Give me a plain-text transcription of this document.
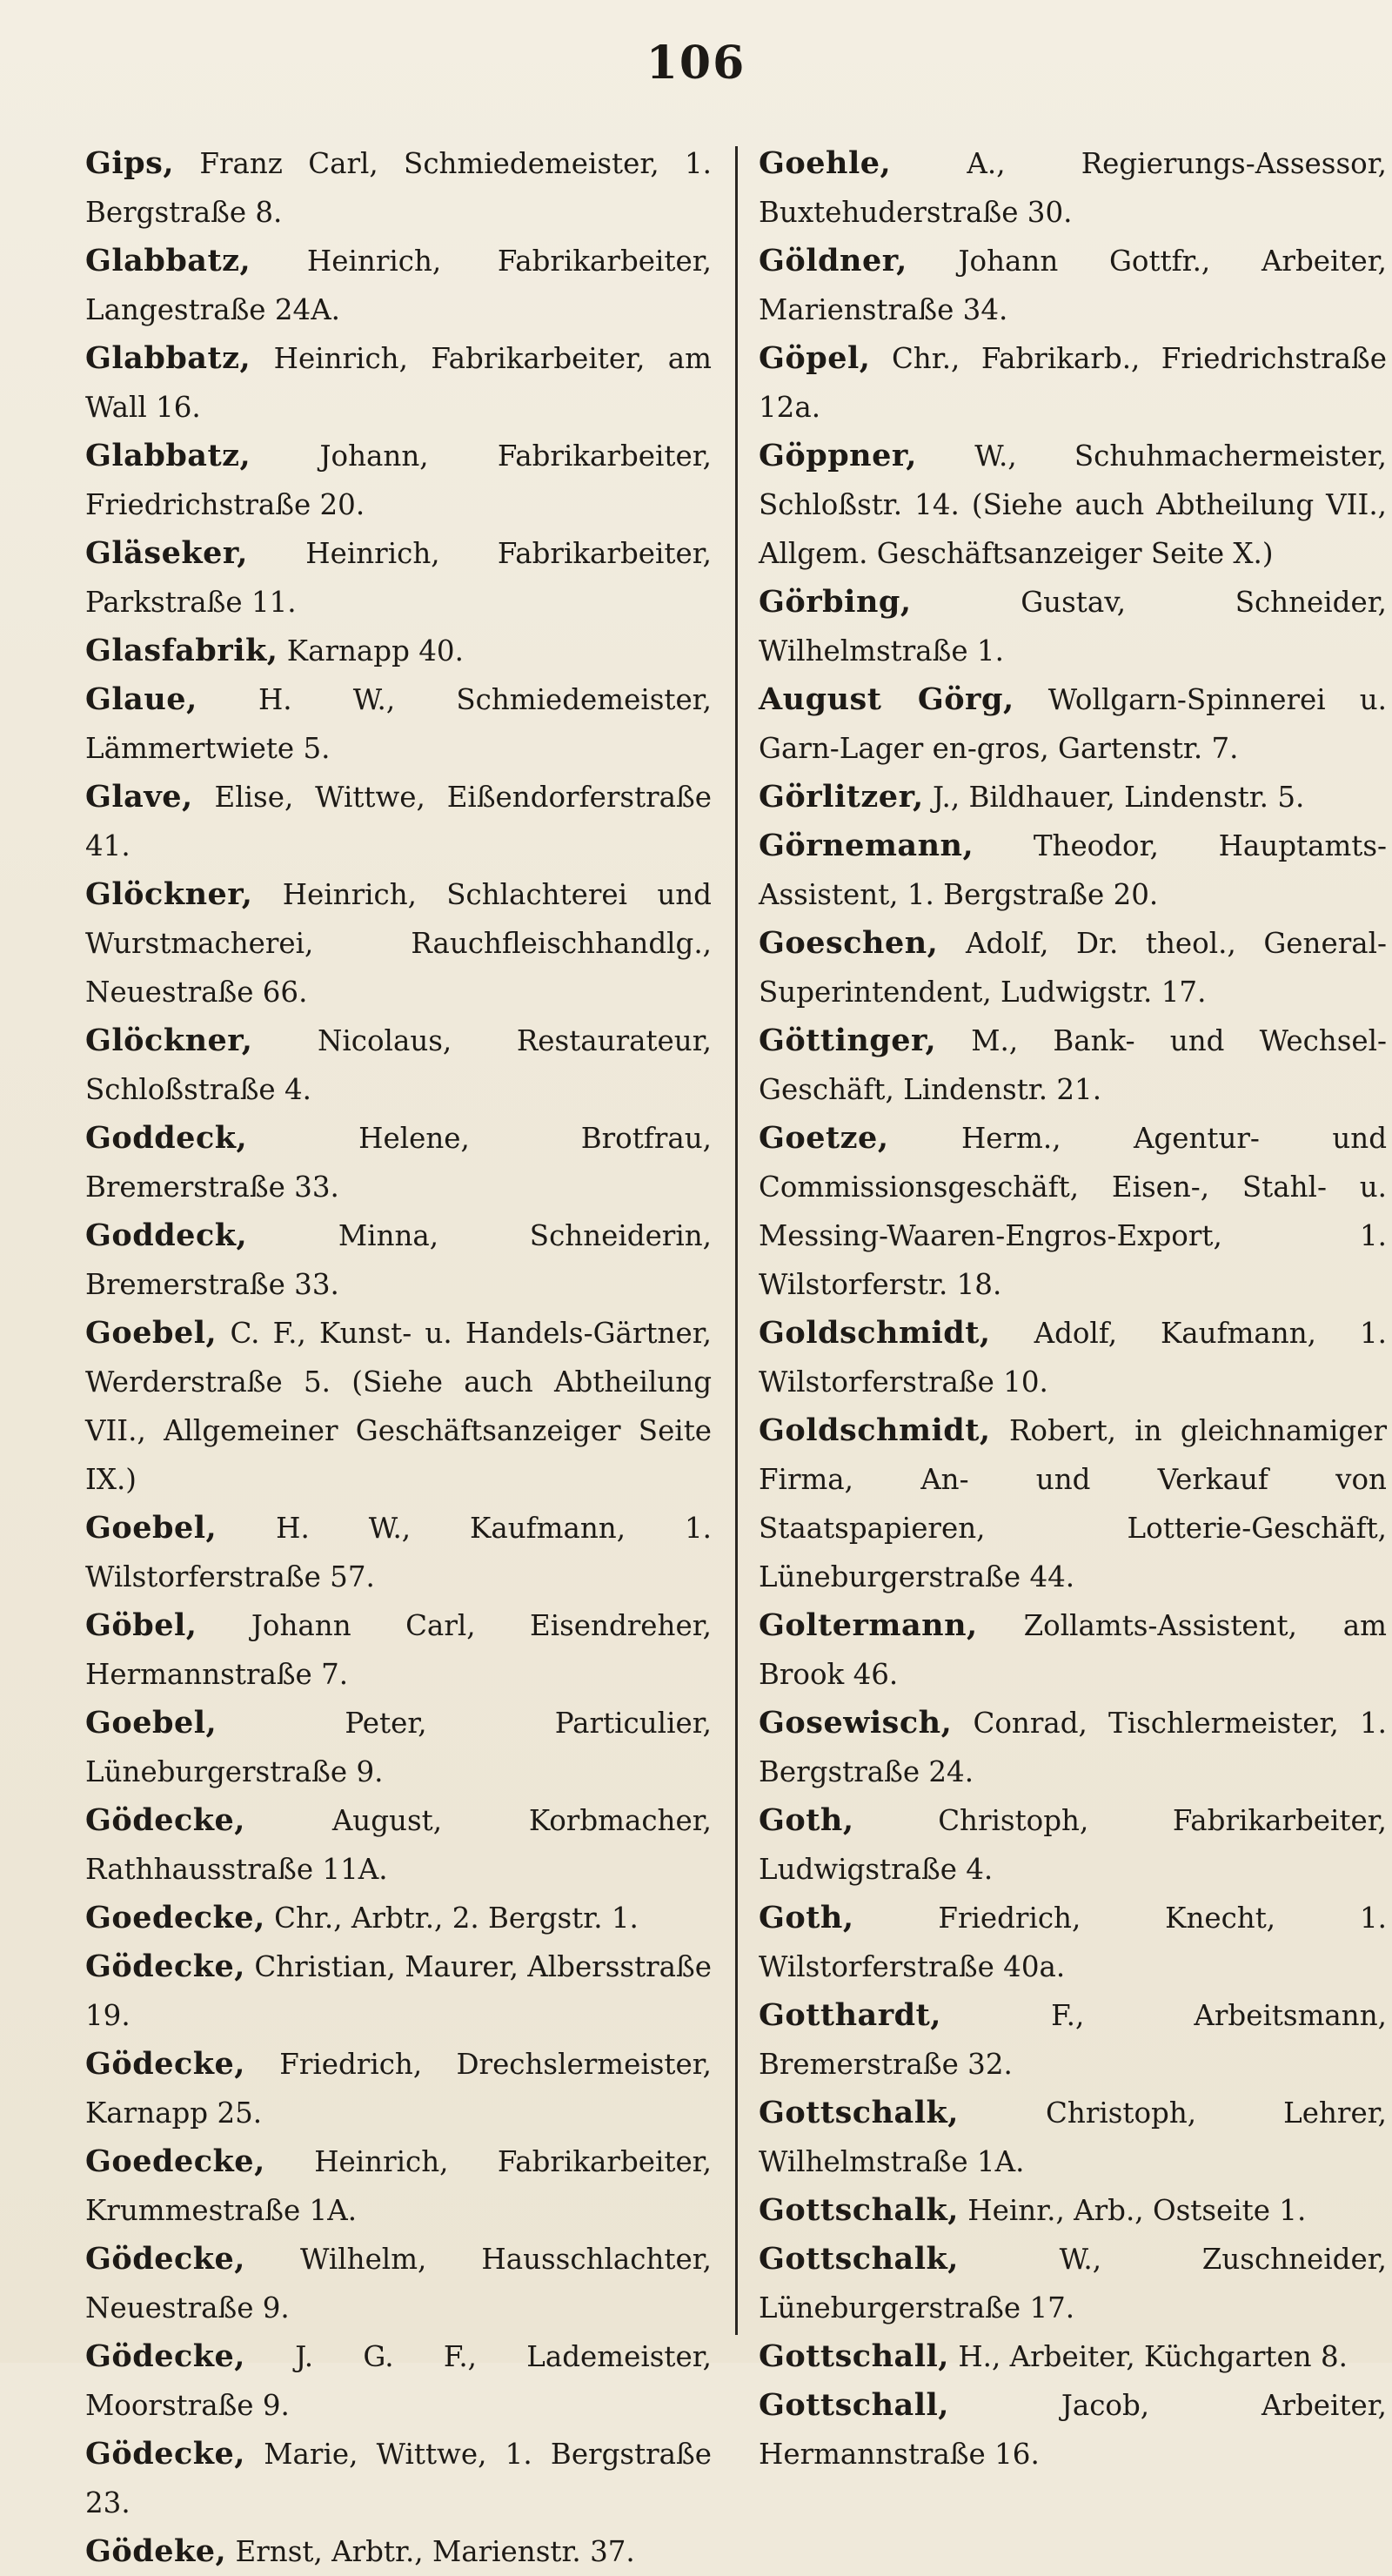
106
Gips, Franz Carl, Schmiedemeister, 1. Bergstraße 8.
Glabbatz, Heinrich, Fabrikarbeiter, Langestraße 24A.
Glabbatz, Heinrich, Fabrikarbeiter, am Wall 16.
Glabbatz, Johann, Fabrikarbeiter, Friedrichstraße 20.
Gläseker, Heinrich, Fabrikarbeiter, Parkstraße 11.
Glasfabrik, Karnapp 40.
Glaue, H. W., Schmiedemeister, Lämmertwiete 5.
Glave, Elise, Wittwe, Eißendorferstraße 41.
Glöckner, Heinrich, Schlachterei und Wurstmacherei, Rauchfleischhandlg., Neuestraße 66.
Glöckner, Nicolaus, Restaurateur, Schloßstraße 4.
Goddeck,	Helene, Brotfrau, Bremerstraße 33.
Goddeck,	Minna, Schneiderin, Bremerstraße 33.
Goebel, C. F., Kunst- u. Handels-Gärtner, Werderstraße 5. (Siehe auch Abtheilung VII., Allgemeiner Geschäftsanzeiger Seite IX.)
Goebel, H. W., Kaufmann, 1. Wilstorferstraße 57.
Göbel, Johann Carl, Eisendreher, Hermannstraße 7.
Goebel,	Peter, Particulier, Lüneburgerstraße 9.
Gödecke,	August, Korbmacher, Rathhausstraße 11A.
Goedecke, Chr., Arbtr., 2. Bergstr. 1.
Gödecke, Christian, Maurer, Albersstraße 19.
Gödecke, Friedrich, Drechslermeister, Karnapp 25.
Goedecke, Heinrich, Fabrikarbeiter, Krummestraße 1A.
Gödecke, Wilhelm, Hausschlachter, Neuestraße 9.
Gödecke, J. G. F., Lademeister, Moorstraße 9.
Gödecke, Marie, Wittwe, 1. Bergstraße 23.
Gödeke, Ernst, Arbtr., Marienstr. 37.
Goehle,	A., Regierungs-Assessor, Buxtehuderstraße 30.
Göldner, Johann Gottfr., Arbeiter, Marienstraße 34.
Göpel, Chr., Fabrikarb., Friedrichstraße 12a.
Göppner, W., Schuhmachermeister, Schloßstr. 14. (Siehe auch Abtheilung VII., Allgem. Geschäftsanzeiger Seite X.)
Görbing,	Gustav, Schneider, Wilhelmstraße 1.
August Görg, Wollgarn-Spinnerei u. Garn-Lager en-gros, Gartenstr. 7.
Görlitzer, J., Bildhauer, Lindenstr. 5.
Görnemann, Theodor, Hauptamts-Assistent, 1. Bergstraße 20.
Goeschen, Adolf, Dr. theol., General-Superintendent, Ludwigstr. 17.
Göttinger, M., Bank- und Wechsel-Geschäft, Lindenstr. 21.
Goetze,	Herm., Agentur- und Commissionsgeschäft, Eisen-, Stahl- u. Messing-Waaren-Engros-Export, 1. Wilstorferstr. 18.
Goldschmidt, Adolf, Kaufmann, 1. Wilstorferstraße 10.
Goldschmidt, Robert, in gleichnamiger Firma, An- und Verkauf von Staatspapieren, Lotterie-Geschäft, Lüneburgerstraße 44.
Goltermann, Zollamts-Assistent, am Brook 46.
Gosewisch, Conrad, Tischlermeister, 1. Bergstraße 24.
Goth,	Christoph, Fabrikarbeiter, Ludwigstraße 4.
Goth,	Friedrich, Knecht, 1. Wilstorferstraße 40a.
Gotthardt,	F., Arbeitsmann, Bremerstraße 32.
Gottschalk,	Christoph, Lehrer, Wilhelmstraße 1A.
Gottschalk, Heinr., Arb., Ostseite 1.
Gottschalk,	W., Zuschneider, Lüneburgerstraße 17.
Gottschall, H., Arbeiter, Küchgarten 8.
Gottschall,	Jacob, Arbeiter, Hermannstraße 16.
